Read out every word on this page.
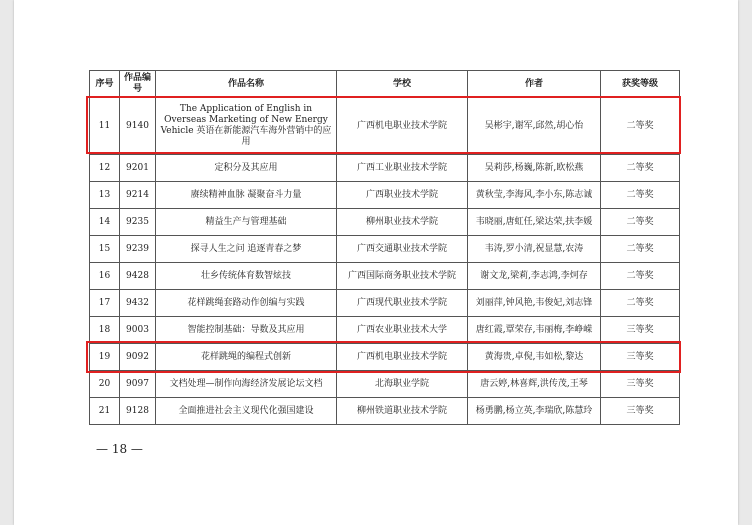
序号	作品编号	作品名称	学校	作者	获奖等级
11	9140	The Application of English in Overseas Marketing of New Energy Vehicle 英语在新能源汽车海外营销中的应用	广西机电职业技术学院	吴彬宇,谢军,邱然,胡心怡	二等奖
12	9201	定积分及其应用	广西工业职业技术学院	吴莉莎,杨巍,陈新,欧松燕	二等奖
13	9214	赓续精神血脉 凝聚奋斗力量	广西职业技术学院	黄秋莹,李海风,李小东,陈志诚	二等奖
14	9235	精益生产与管理基础	柳州职业技术学院	韦晓丽,唐虹任,梁达荣,扶李媛	二等奖
15	9239	探寻人生之问 追逐青春之梦	广西交通职业技术学院	韦涛,罗小清,祝显慧,农涛	二等奖
16	9428	壮乡传统体育数智炫技	广西国际商务职业技术学院	谢文龙,梁莉,李志鸿,李炣存	二等奖
17	9432	花样跳绳套路动作创编与实践	广西现代职业技术学院	刘丽萍,钟风艳,韦俊妃,刘志锋	二等奖
18	9003	智能控制基础：导数及其应用	广西农业职业技术大学	唐红霞,覃荣存,韦丽梅,李峥嵘	三等奖
19	9092	花样跳绳的编程式创新	广西机电职业技术学院	黄海贵,卓倪,韦如松,黎达	三等奖
20	9097	文档处理—制作向海经济发展论坛文档	北海职业学院	唐云婷,林喜辉,洪传茂,王琴	三等奖
21	9128	全面推进社会主义现代化强国建设	柳州铁道职业技术学院	杨勇鹏,杨立英,李瑞欣,陈慧玲	三等奖
— 18 —
